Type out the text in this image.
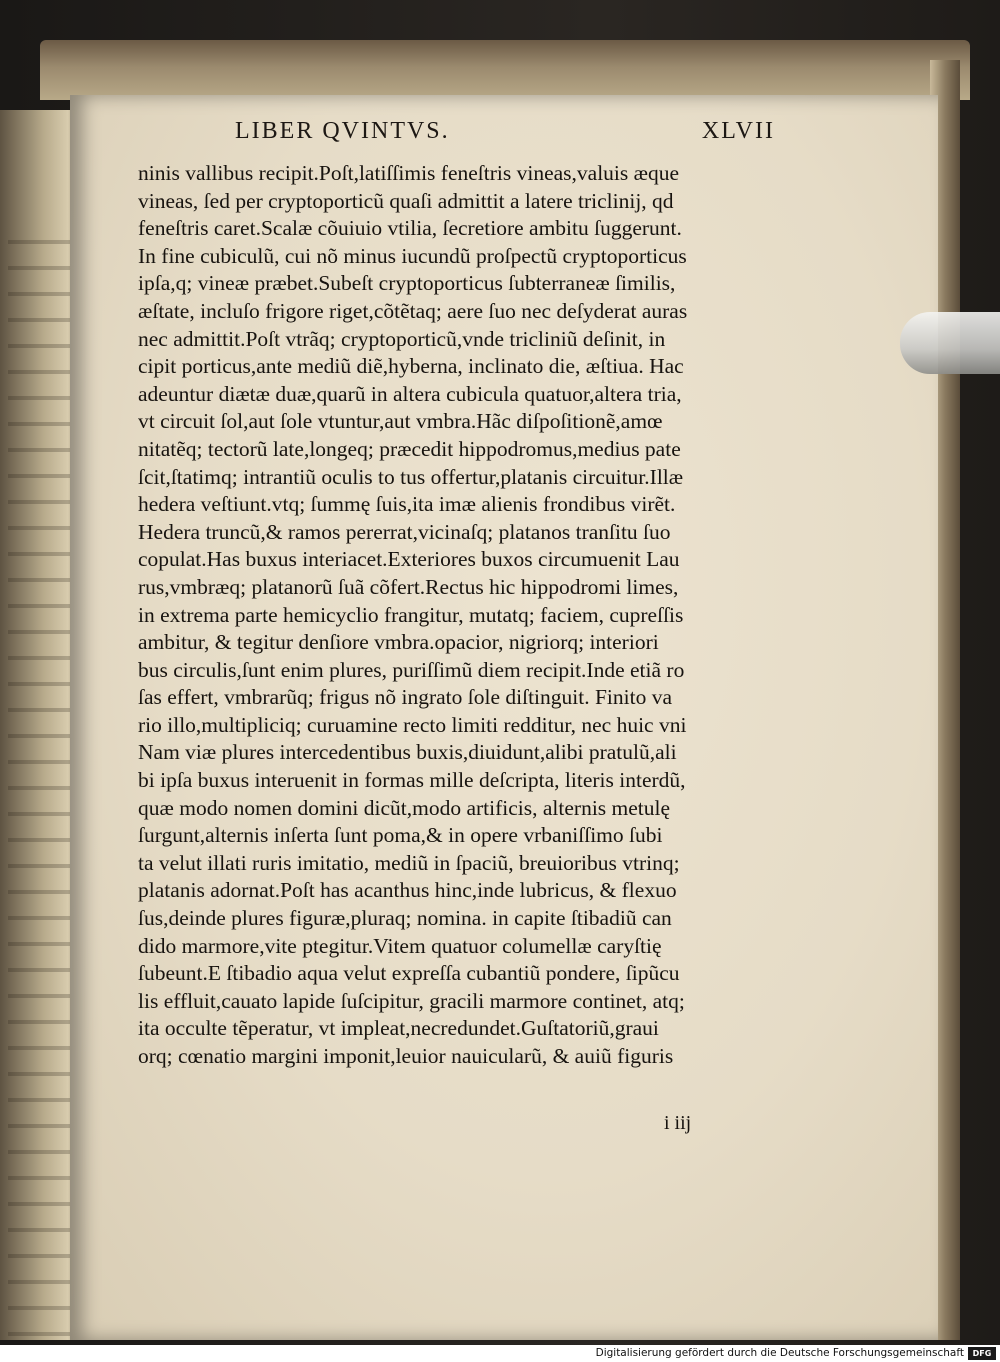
LIBER QVINTVS.	XLVII
ninis vallibus recipit.Poſt,latiſſimis feneſtris vineas,valuis æque
vineas, ſed per cryptoporticũ quaſi admittit a latere triclinij, qd
feneſtris caret.Scalæ cõuiuio vtilia, ſecretiore ambitu ſuggerunt.
In fine cubiculũ, cui nõ minus iucundũ proſpectũ cryptoporticus
ipſa,q; vineæ præbet.Subeſt cryptoporticus ſubterraneæ ſimilis,
æſtate, incluſo frigore riget,cõtẽtaq; aere ſuo nec deſyderat auras
nec admittit.Poſt vtrãq; cryptoporticũ,vnde tricliniũ deſinit, in
cipit porticus,ante mediũ diẽ,hyberna, inclinato die, æſtiua. Hac
adeuntur diætæ duæ,quarũ in altera cubicula quatuor,altera tria,
vt circuit ſol,aut ſole vtuntur,aut vmbra.Hãc diſpoſitionẽ,amœ
nitatẽq; tectorũ late,longeq; præcedit hippodromus,medius pate
ſcit,ſtatimq; intrantiũ oculis to tus offertur,platanis circuitur.Illæ
hedera veſtiunt.vtq; ſummę ſuis,ita imæ alienis frondibus virẽt.
Hedera truncũ,& ramos pererrat,vicinaſq; platanos tranſitu ſuo
copulat.Has buxus interiacet.Exteriores buxos circumuenit Lau
rus,vmbræq; platanorũ ſuã cõfert.Rectus hic hippodromi limes,
in extrema parte hemicyclio frangitur, mutatq; faciem, cupreſſis
ambitur, & tegitur denſiore vmbra.opacior, nigriorq; interiori
bus circulis,ſunt enim plures, puriſſimũ diem recipit.Inde etiã ro
ſas effert, vmbrarũq; frigus nõ ingrato ſole diſtinguit. Finito va
rio illo,multipliciq; curuamine recto limiti redditur, nec huic vni
Nam viæ plures intercedentibus buxis,diuidunt,alibi pratulũ,ali
bi ipſa buxus interuenit in formas mille deſcripta, literis interdũ,
quæ modo nomen domini dicũt,modo artificis, alternis metulę
ſurgunt,alternis inſerta ſunt poma,& in opere vrbaniſſimo ſubi
ta velut illati ruris imitatio, mediũ in ſpaciũ, breuioribus vtrinq;
platanis adornat.Poſt has acanthus hinc,inde lubricus, & flexuo
ſus,deinde plures figuræ,pluraq; nomina. in capite ſtibadiũ can
dido marmore,vite ptegitur.Vitem quatuor columellæ caryſtię
ſubeunt.E ſtibadio aqua velut expreſſa cubantiũ pondere, ſipũcu
lis effluit,cauato lapide ſuſcipitur, gracili marmore continet, atq;
ita occulte tẽperatur, vt impleat,necredundet.Guſtatoriũ,graui
orq; cœnatio margini imponit,leuior nauicularũ, & auiũ figuris
i iij
Digitalisierung gefördert durch die Deutsche Forschungsgemeinschaft	DFG
